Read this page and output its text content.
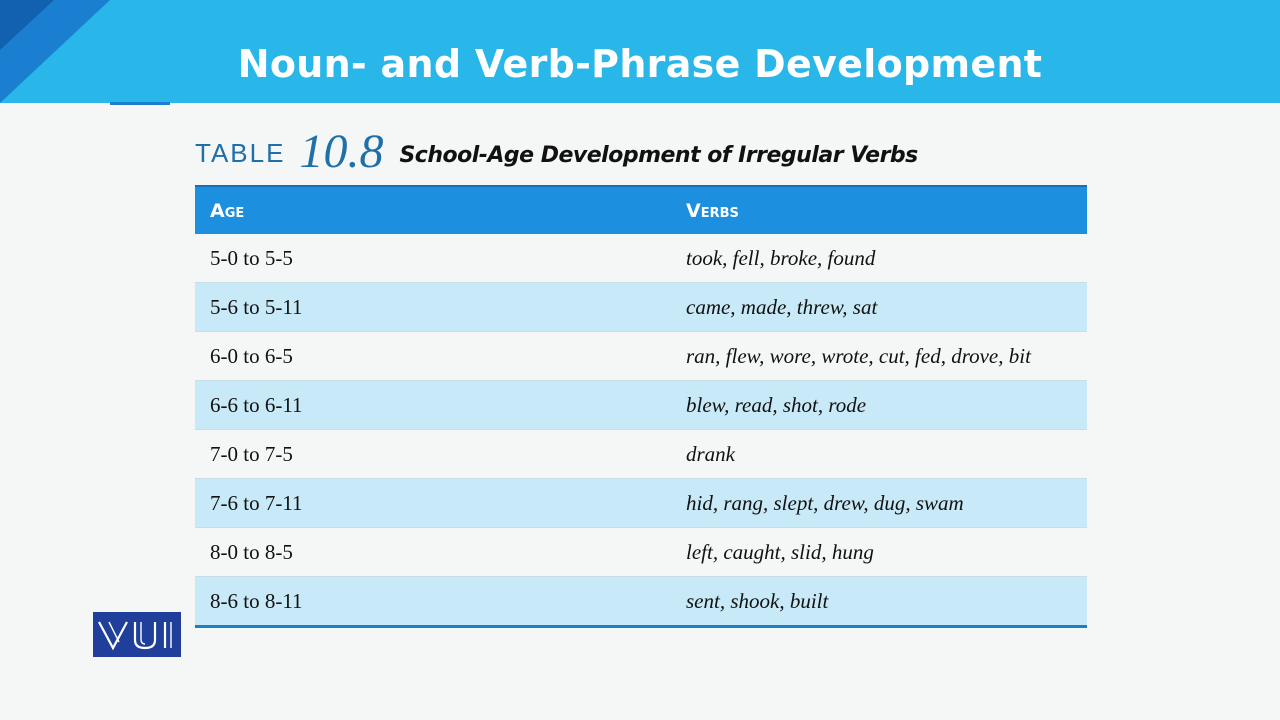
Noun- and Verb-Phrase Development
TABLE 10.8 School-Age Development of Irregular Verbs
Age	Verbs
5-0 to 5-5	took, fell, broke, found
5-6 to 5-11	came, made, threw, sat
6-0 to 6-5	ran, flew, wore, wrote, cut, fed, drove, bit
6-6 to 6-11	blew, read, shot, rode
7-0 to 7-5	drank
7-6 to 7-11	hid, rang, slept, drew, dug, swam
8-0 to 8-5	left, caught, slid, hung
8-6 to 8-11	sent, shook, built
